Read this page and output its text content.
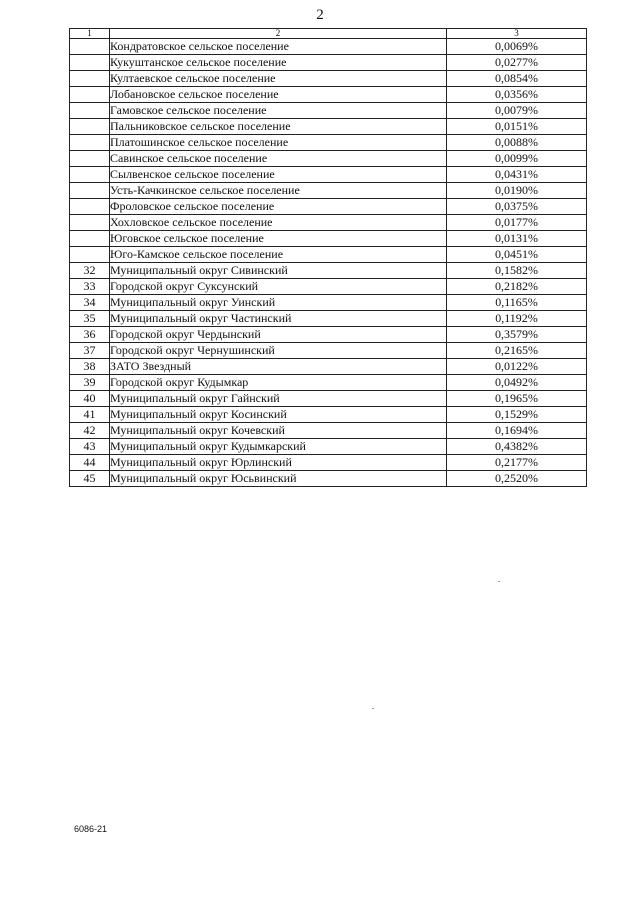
2
1	2	3
	Кондратовское сельское поселение	0,0069%
	Кукуштанское сельское поселение	0,0277%
	Култаевское сельское поселение	0,0854%
	Лобановское сельское поселение	0,0356%
	Гамовское сельское поселение	0,0079%
	Пальниковское сельское поселение	0,0151%
	Платошинское сельское поселение	0,0088%
	Савинское сельское поселение	0,0099%
	Сылвенское сельское поселение	0,0431%
	Усть-Качкинское сельское поселение	0,0190%
	Фроловское сельское поселение	0,0375%
	Хохловское сельское поселение	0,0177%
	Юговское сельское поселение	0,0131%
	Юго-Камское сельское поселение	0,0451%
32	Муниципальный округ Сивинский	0,1582%
33	Городской округ Суксунский	0,2182%
34	Муниципальный округ Уинский	0,1165%
35	Муниципальный округ Частинский	0,1192%
36	Городской округ Чердынский	0,3579%
37	Городской округ Чернушинский	0,2165%
38	ЗАТО Звездный	0,0122%
39	Городской округ Кудымкар	0,0492%
40	Муниципальный округ Гайнский	0,1965%
41	Муниципальный округ Косинский	0,1529%
42	Муниципальный округ Кочевский	0,1694%
43	Муниципальный округ Кудымкарский	0,4382%
44	Муниципальный округ Юрлинский	0,2177%
45	Муниципальный округ Юсьвинский	0,2520%
6086-21
